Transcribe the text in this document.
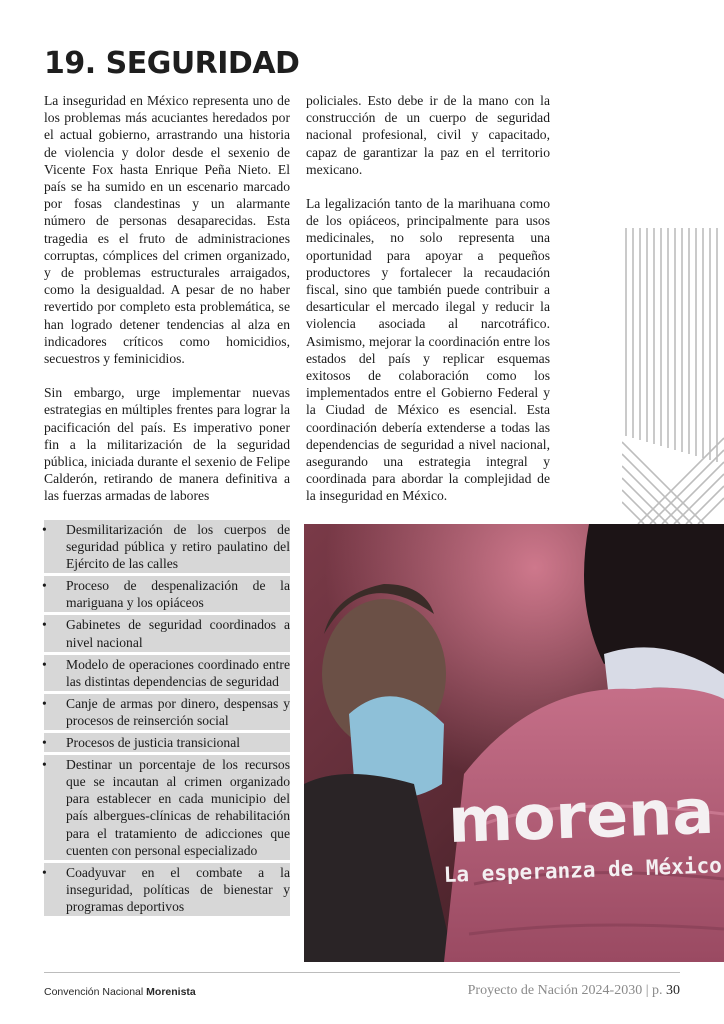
19. SEGURIDAD

La inseguridad en México representa uno de los problemas más acuciantes heredados por el actual gobierno, arrastrando una historia de violencia y dolor desde el sexenio de Vicente Fox hasta Enrique Peña Nieto. El país se ha sumido en un escenario marcado por fosas clandestinas y un alarmante número de personas desaparecidas. Esta tragedia es el fruto de administraciones corruptas, cómplices del crimen organizado, y de problemas estructurales arraigados, como la desigualdad. A pesar de no haber revertido por completo esta problemática, se han logrado detener tendencias al alza en indicadores críticos como homicidios, secuestros y feminicidios.

Sin embargo, urge implementar nuevas estrategias en múltiples frentes para lograr la pacificación del país. Es imperativo poner fin a la militarización de la seguridad pública, iniciada durante el sexenio de Felipe Calderón, retirando de manera definitiva a las fuerzas armadas de labores

policiales. Esto debe ir de la mano con la construcción de un cuerpo de seguridad nacional profesional, civil y capacitado, capaz de garantizar la paz en el territorio mexicano.

La legalización tanto de la marihuana como de los opiáceos, principalmente para usos medicinales, no solo representa una oportunidad para apoyar a pequeños productores y fortalecer la recaudación fiscal, sino que también puede contribuir a desarticular el mercado ilegal y reducir la violencia asociada al narcotráfico. Asimismo, mejorar la coordinación entre los estados del país y replicar esquemas exitosos de colaboración como los implementados entre el Gobierno Federal y la Ciudad de México es esencial. Esta coordinación debería extenderse a todas las dependencias de seguridad a nivel nacional, asegurando una estrategia integral y coordinada para abordar la complejidad de la inseguridad en México.

• Desmilitarización de los cuerpos de seguridad pública y retiro paulatino del Ejército de las calles
• Proceso de despenalización de la mariguana y los opiáceos
• Gabinetes de seguridad coordinados a nivel nacional
• Modelo de operaciones coordinado entre las distintas dependencias de seguridad
• Canje de armas por dinero, despensas y procesos de reinserción social
• Procesos de justicia transicional
• Destinar un porcentaje de los recursos que se incautan al crimen organizado para establecer en cada municipio del país albergues-clínicas de rehabilitación para el tratamiento de adicciones que cuenten con personal especializado
• Coadyuvar en el combate a la inseguridad, políticas de bienestar y programas deportivos
morena
La esperanza de México
Convención Nacional Morenista	Proyecto de Nación 2024-2030 | p. 30
